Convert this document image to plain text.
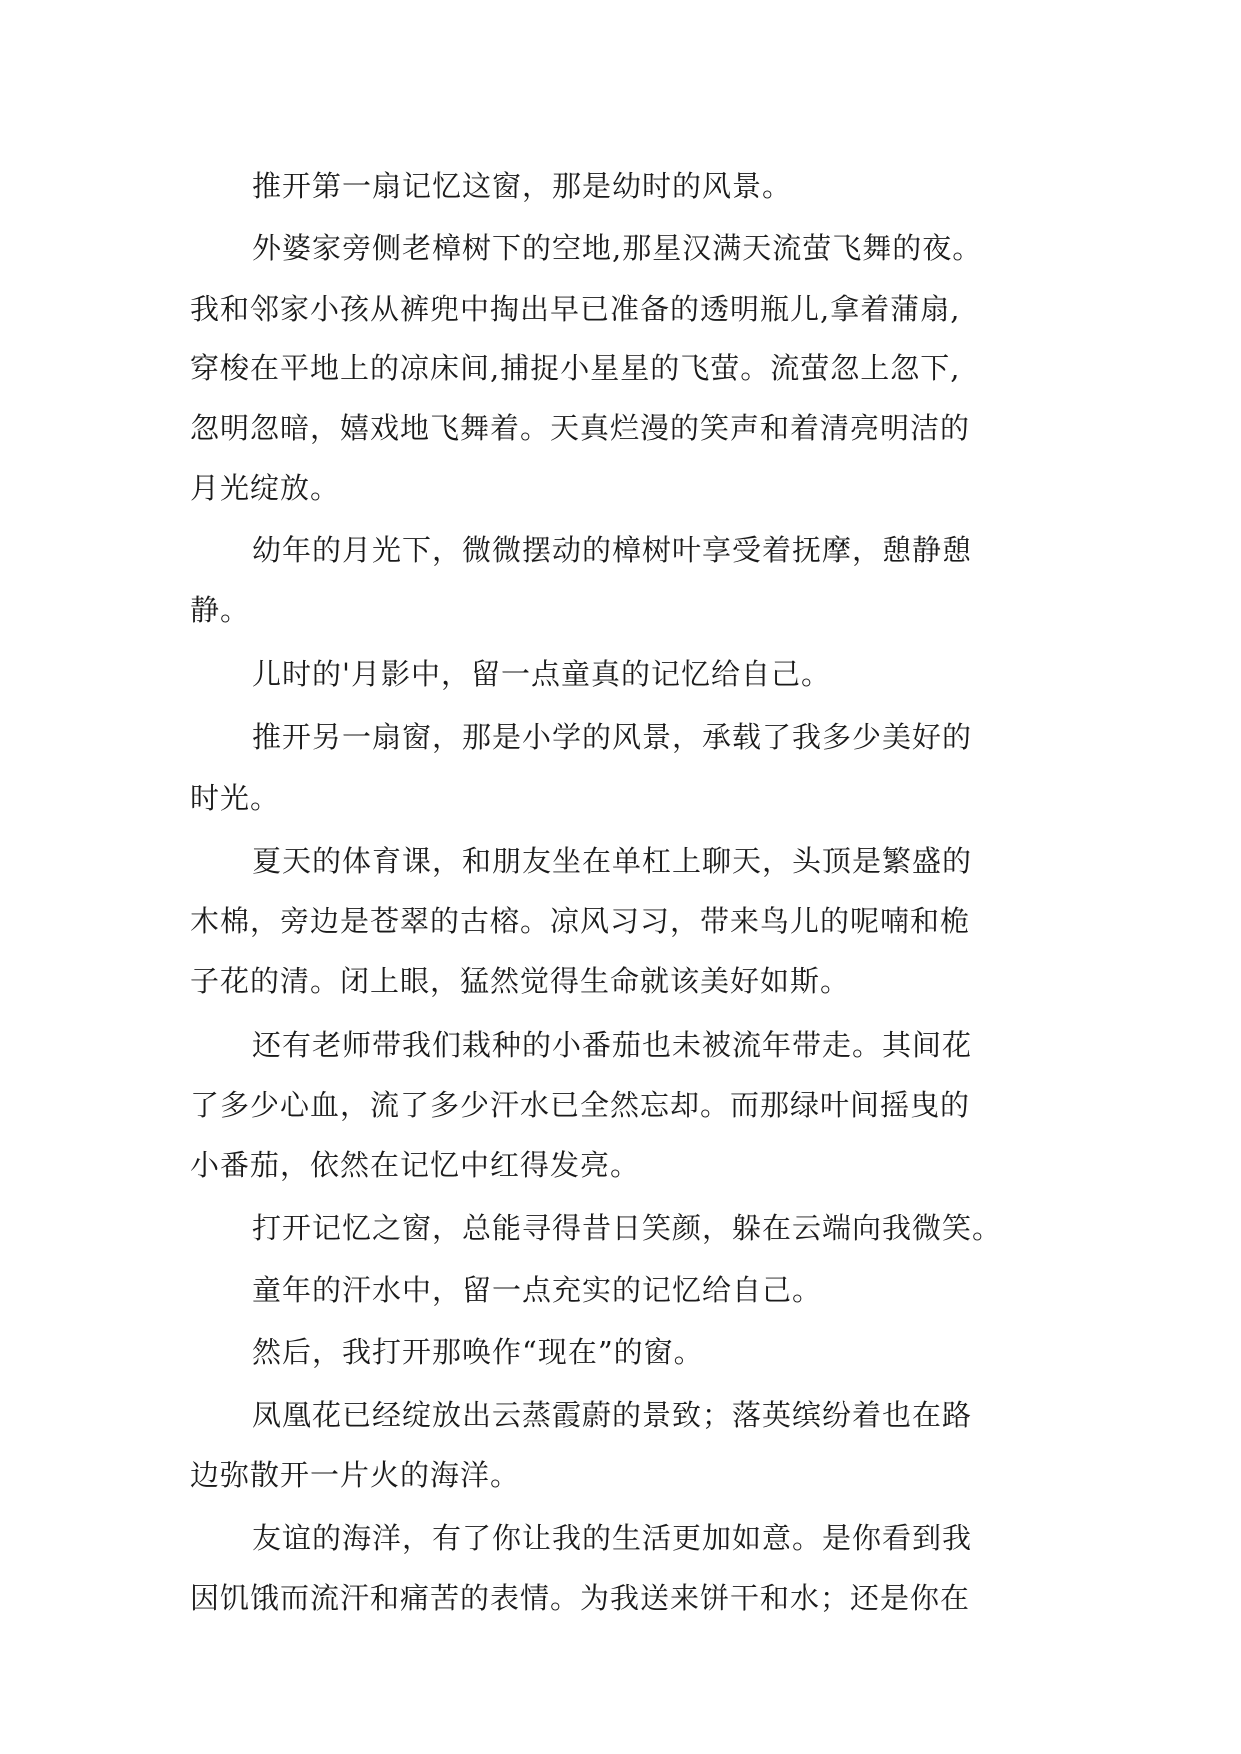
推开第一扇记忆这窗，那是幼时的风景。
外婆家旁侧老樟树下的空地,那星汉满天流萤飞舞的夜。
我和邻家小孩从裤兜中掏出早已准备的透明瓶儿,拿着蒲扇,
穿梭在平地上的凉床间,捕捉小星星的飞萤。流萤忽上忽下,
忽明忽暗，嬉戏地飞舞着。天真烂漫的笑声和着清亮明洁的
月光绽放。
幼年的月光下，微微摆动的樟树叶享受着抚摩，憩静憩
静。
儿时的'月影中，留一点童真的记忆给自己。
推开另一扇窗，那是小学的风景，承载了我多少美好的
时光。
夏天的体育课，和朋友坐在单杠上聊天，头顶是繁盛的
木棉，旁边是苍翠的古榕。凉风习习，带来鸟儿的呢喃和桅
子花的清。闭上眼，猛然觉得生命就该美好如斯。
还有老师带我们栽种的小番茄也未被流年带走。其间花
了多少心血，流了多少汗水已全然忘却。而那绿叶间摇曳的
小番茄，依然在记忆中红得发亮。
打开记忆之窗，总能寻得昔日笑颜，躲在云端向我微笑。
童年的汗水中，留一点充实的记忆给自己。
然后，我打开那唤作“现在”的窗。
凤凰花已经绽放出云蒸霞蔚的景致；落英缤纷着也在路
边弥散开一片火的海洋。
友谊的海洋，有了你让我的生活更加如意。是你看到我
因饥饿而流汗和痛苦的表情。为我送来饼干和水；还是你在
